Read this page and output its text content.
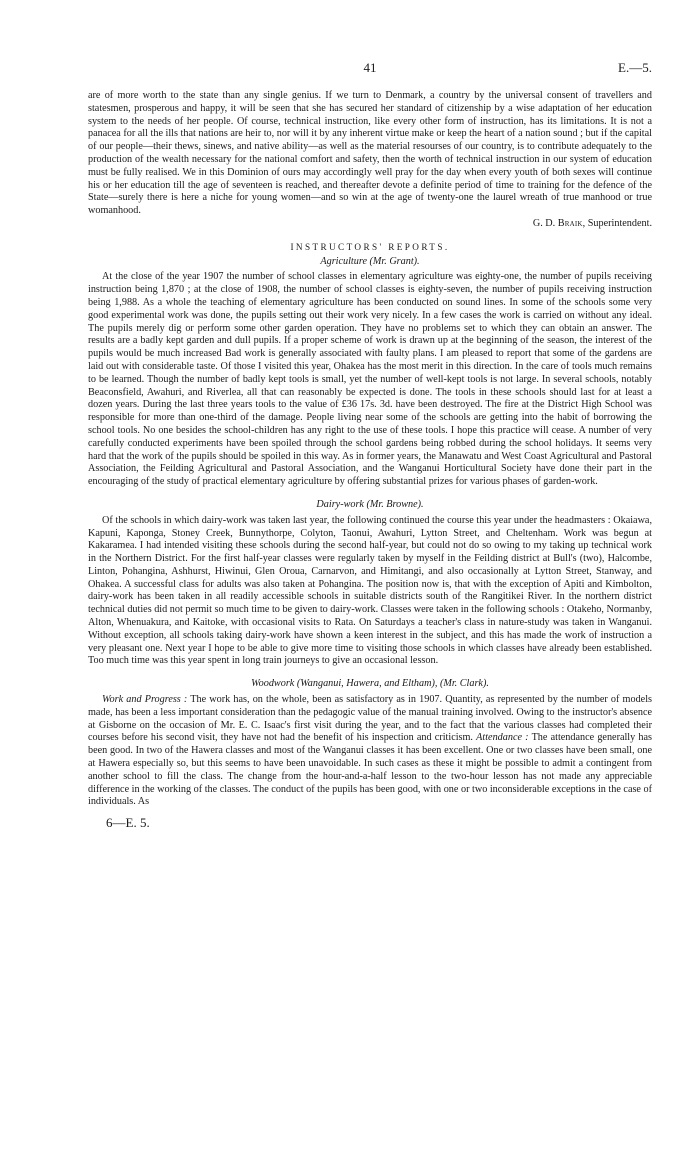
41	E.—5.

are of more worth to the state than any single genius. If we turn to Denmark, a country by the universal consent of travellers and statesmen, prosperous and happy, it will be seen that she has secured her standard of citizenship by a wise adaptation of her education system to the needs of her people. Of course, technical instruction, like every other form of instruction, has its limitations. It is not a panacea for all the ills that nations are heir to, nor will it by any inherent virtue make or keep the heart of a nation sound ; but if the capital of our people—their thews, sinews, and native ability—as well as the material resourses of our country, is to contribute adequately to the production of the wealth necessary for the national comfort and safety, then the worth of technical instruction in our system of education must be fully realised. We in this Dominion of ours may accordingly well pray for the day when every youth of both sexes will continue his or her education till the age of seventeen is reached, and thereafter devote a definite period of time to training for the defence of the State—surely there is here a niche for young women—and so win at the age of twenty-one the laurel wreath of true manhood or true womanhood.

G. D. Braik, Superintendent.

INSTRUCTORS' REPORTS.
Agriculture (Mr. Grant).

At the close of the year 1907 the number of school classes in elementary agriculture was eighty-one, the number of pupils receiving instruction being 1,870 ; at the close of 1908, the number of school classes is eighty-seven, the number of pupils receiving instruction being 1,988. As a whole the teaching of elementary agriculture has been conducted on sound lines. In some of the schools some very good experimental work was done, the pupils setting out their work very nicely. In a few cases the work is carried on without any ideal. The pupils merely dig or perform some other garden operation. They have no problems set to which they can obtain an answer. The results are a badly kept garden and dull pupils. If a proper scheme of work is drawn up at the beginning of the season, the interest of the pupils would be much increased Bad work is generally associated with faulty plans. I am pleased to report that some of the gardens are laid out with considerable taste. Of those I visited this year, Ohakea has the most merit in this direction. In the care of tools much remains to be learned. Though the number of badly kept tools is small, yet the number of well-kept tools is not large. In several schools, notably Beaconsfield, Awahuri, and Riverlea, all that can reasonably be expected is done. The tools in these schools should last for at least a dozen years. During the last three years tools to the value of £36 17s. 3d. have been destroyed. The fire at the District High School was responsible for more than one-third of the damage. People living near some of the schools are getting into the habit of borrowing the school tools. No one besides the school-children has any right to the use of these tools. I hope this practice will cease. A number of very carefully conducted experiments have been spoiled through the school gardens being robbed during the school holidays. It seems very hard that the work of the pupils should be spoiled in this way. As in former years, the Manawatu and West Coast Agricultural and Pastoral Association, the Feilding Agricultural and Pastoral Association, and the Wanganui Horticultural Society have done their part in the encouraging of the study of practical elementary agriculture by offering substantial prizes for various phases of garden-work.

Dairy-work (Mr. Browne).

Of the schools in which dairy-work was taken last year, the following continued the course this year under the headmasters : Okaiawa, Kapuni, Kaponga, Stoney Creek, Bunnythorpe, Colyton, Taonui, Awahuri, Lytton Street, and Cheltenham. Work was begun at Kakaramea. I had intended visiting these schools during the second half-year, but could not do so owing to my taking up technical work in the Northern District. For the first half-year classes were regularly taken by myself in the Feilding district at Bull's (two), Halcombe, Linton, Pohangina, Ashhurst, Hiwinui, Glen Oroua, Carnarvon, and Himitangi, and also occasionally at Lytton Street, Stanway, and Ohakea. A successful class for adults was also taken at Pohangina. The position now is, that with the exception of Apiti and Kimbolton, dairy-work has been taken in all readily accessible schools in suitable districts south of the Rangitikei River. In the northern district technical duties did not permit so much time to be given to dairy-work. Classes were taken in the following schools : Otakeho, Normanby, Alton, Whenuakura, and Kaitoke, with occasional visits to Rata. On Saturdays a teacher's class in nature-study was taken in Wanganui. Without exception, all schools taking dairy-work have shown a keen interest in the subject, and this has made the work of instruction a very pleasant one. Next year I hope to be able to give more time to visiting those schools in which classes have already been established. Too much time was this year spent in long train journeys to give an occasional lesson.

Woodwork (Wanganui, Hawera, and Eltham), (Mr. Clark).

Work and Progress : The work has, on the whole, been as satisfactory as in 1907. Quantity, as represented by the number of models made, has been a less important consideration than the pedagogic value of the manual training involved. Owing to the instructor's absence at Gisborne on the occasion of Mr. E. C. Isaac's first visit during the year, and to the fact that the various classes had completed their courses before his second visit, they have not had the benefit of his inspection and criticism. Attendance : The attendance generally has been good. In two of the Hawera classes and most of the Wanganui classes it has been excellent. One or two classes have been small, one at Hawera especially so, but this seems to have been unavoidable. In such cases as these it might be possible to admit a contingent from another school to fill the class. The change from the hour-and-a-half lesson to the two-hour lesson has not made any appreciable difference in the working of the classes. The conduct of the pupils has been good, with one or two inconsiderable exceptions in the case of individuals. As

6—E. 5.
